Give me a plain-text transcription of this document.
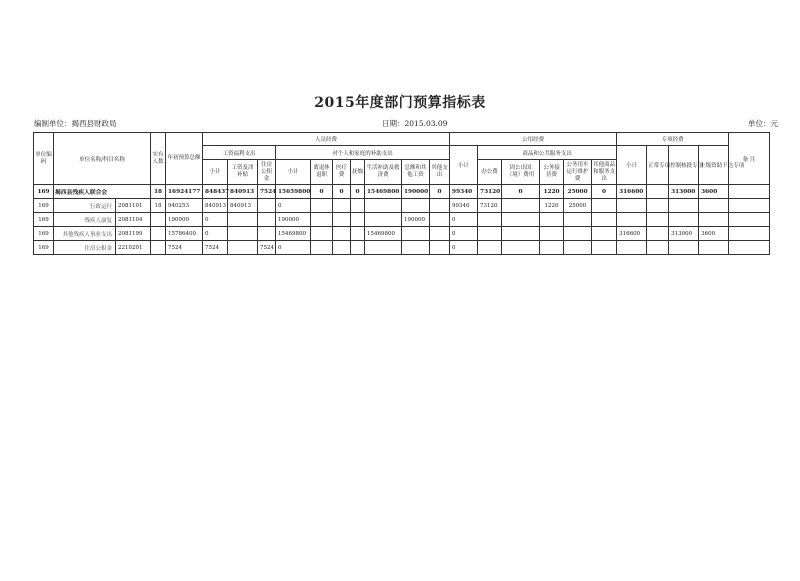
2015年度部门预算指标表
编制单位：揭西县财政局	日期：2015.03.09	单位：元
单位编码	单位名称/科目名称		实有人数	年初预算总额	人员经费										公用经费						专项经费				备 注
					工资福利支出			对个人和家庭的补助支出							小计	商品和公共服务支出					小计	正常专项	控制核批专项	上级资助下达专项	
					小计	工资及津补贴	住房公积金	小计	离退休退职	医疗费	抚恤	生活补助及救济费	总额和其他工资	其他支出		办公费	因公出国（境）费用	公务接待费	公务用车运行维护费	其他商品和服务支出					
169	揭西县残疾人联合会		18	16924177	848437	840913	7524	15659800	0	0	0	15469800	190000	0	99340	73120	0	1220	25000	0	316600		313000	3600	
169	行政运行	2081101	18	940253	840913	840913		0							99340	73120		1220	25000						
169	残疾人康复	2081104		190000	0			190000					190000		0										
169	其他残疾人事业支出	2081199		15786400	0			15469800				15469800			0						316600		313000	3600	
169	住房公积金	2210201		7524	7524		7524	0							0										
